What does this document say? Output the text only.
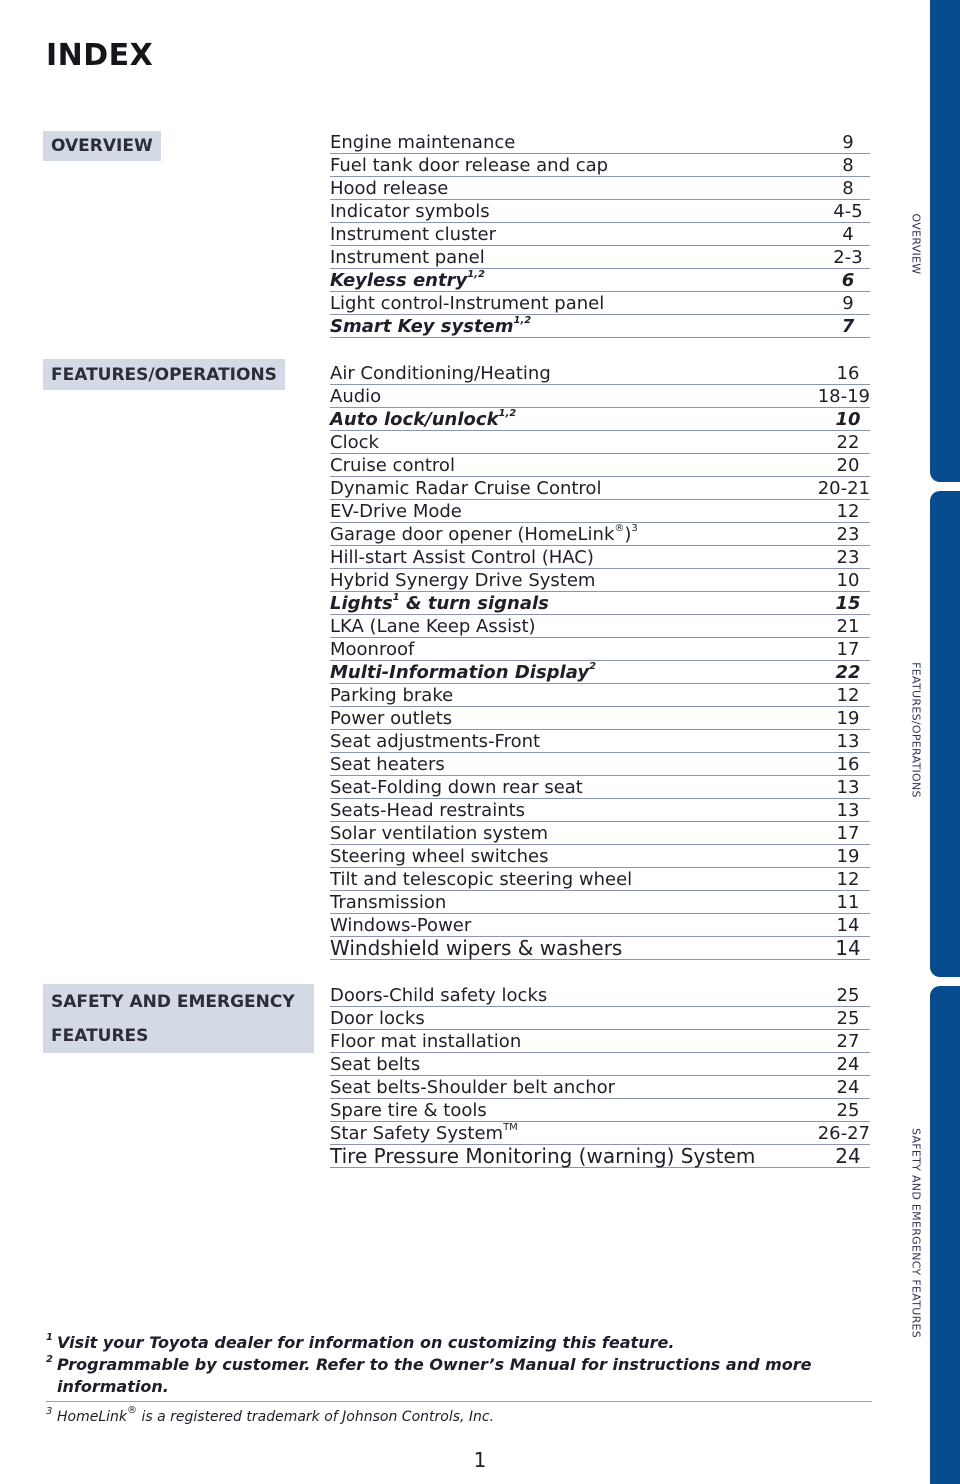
INDEX
OVERVIEW
FEATURES/OPERATIONS
SAFETY AND EMERGENCY
FEATURES
Engine maintenance	9
Fuel tank door release and cap	8
Hood release	8
Indicator symbols	4-5
Instrument cluster	4
Instrument panel	2-3
Keyless entry$^{1,2}$	6
Light control-Instrument panel	9
Smart Key system$^{1,2}$	7
Air Conditioning/Heating	16
Audio	18-19
Auto lock/unlock$^{1,2}$	10
Clock	22
Cruise control	20
Dynamic Radar Cruise Control	20-21
EV-Drive Mode	12
Garage door opener (HomeLink®)$^3$	23
Hill-start Assist Control (HAC)	23
Hybrid Synergy Drive System	10
Lights$^1$ & turn signals	15
LKA (Lane Keep Assist)	21
Moonroof	17
Multi-Information Display$^2$	22
Parking brake	12
Power outlets	19
Seat adjustments-Front	13
Seat heaters	16
Seat-Folding down rear seat	13
Seats-Head restraints	13
Solar ventilation system	17
Steering wheel switches	19
Tilt and telescopic steering wheel	12
Transmission	11
Windows-Power	14
Windshield wipers & washers	14
Doors-Child safety locks	25
Door locks	25
Floor mat installation	27
Seat belts	24
Seat belts-Shoulder belt anchor	24
Spare tire & tools	25
Star Safety System™	26-27
Tire Pressure Monitoring (warning) System	24
1 Visit your Toyota dealer for information on customizing this feature.
2 Programmable by customer. Refer to the Owner’s Manual for instructions and more information.
3 HomeLink® is a registered trademark of Johnson Controls, Inc.
1
OVERVIEW
FEATURES/OPERATIONS
SAFETY AND EMERGENCY FEATURES
